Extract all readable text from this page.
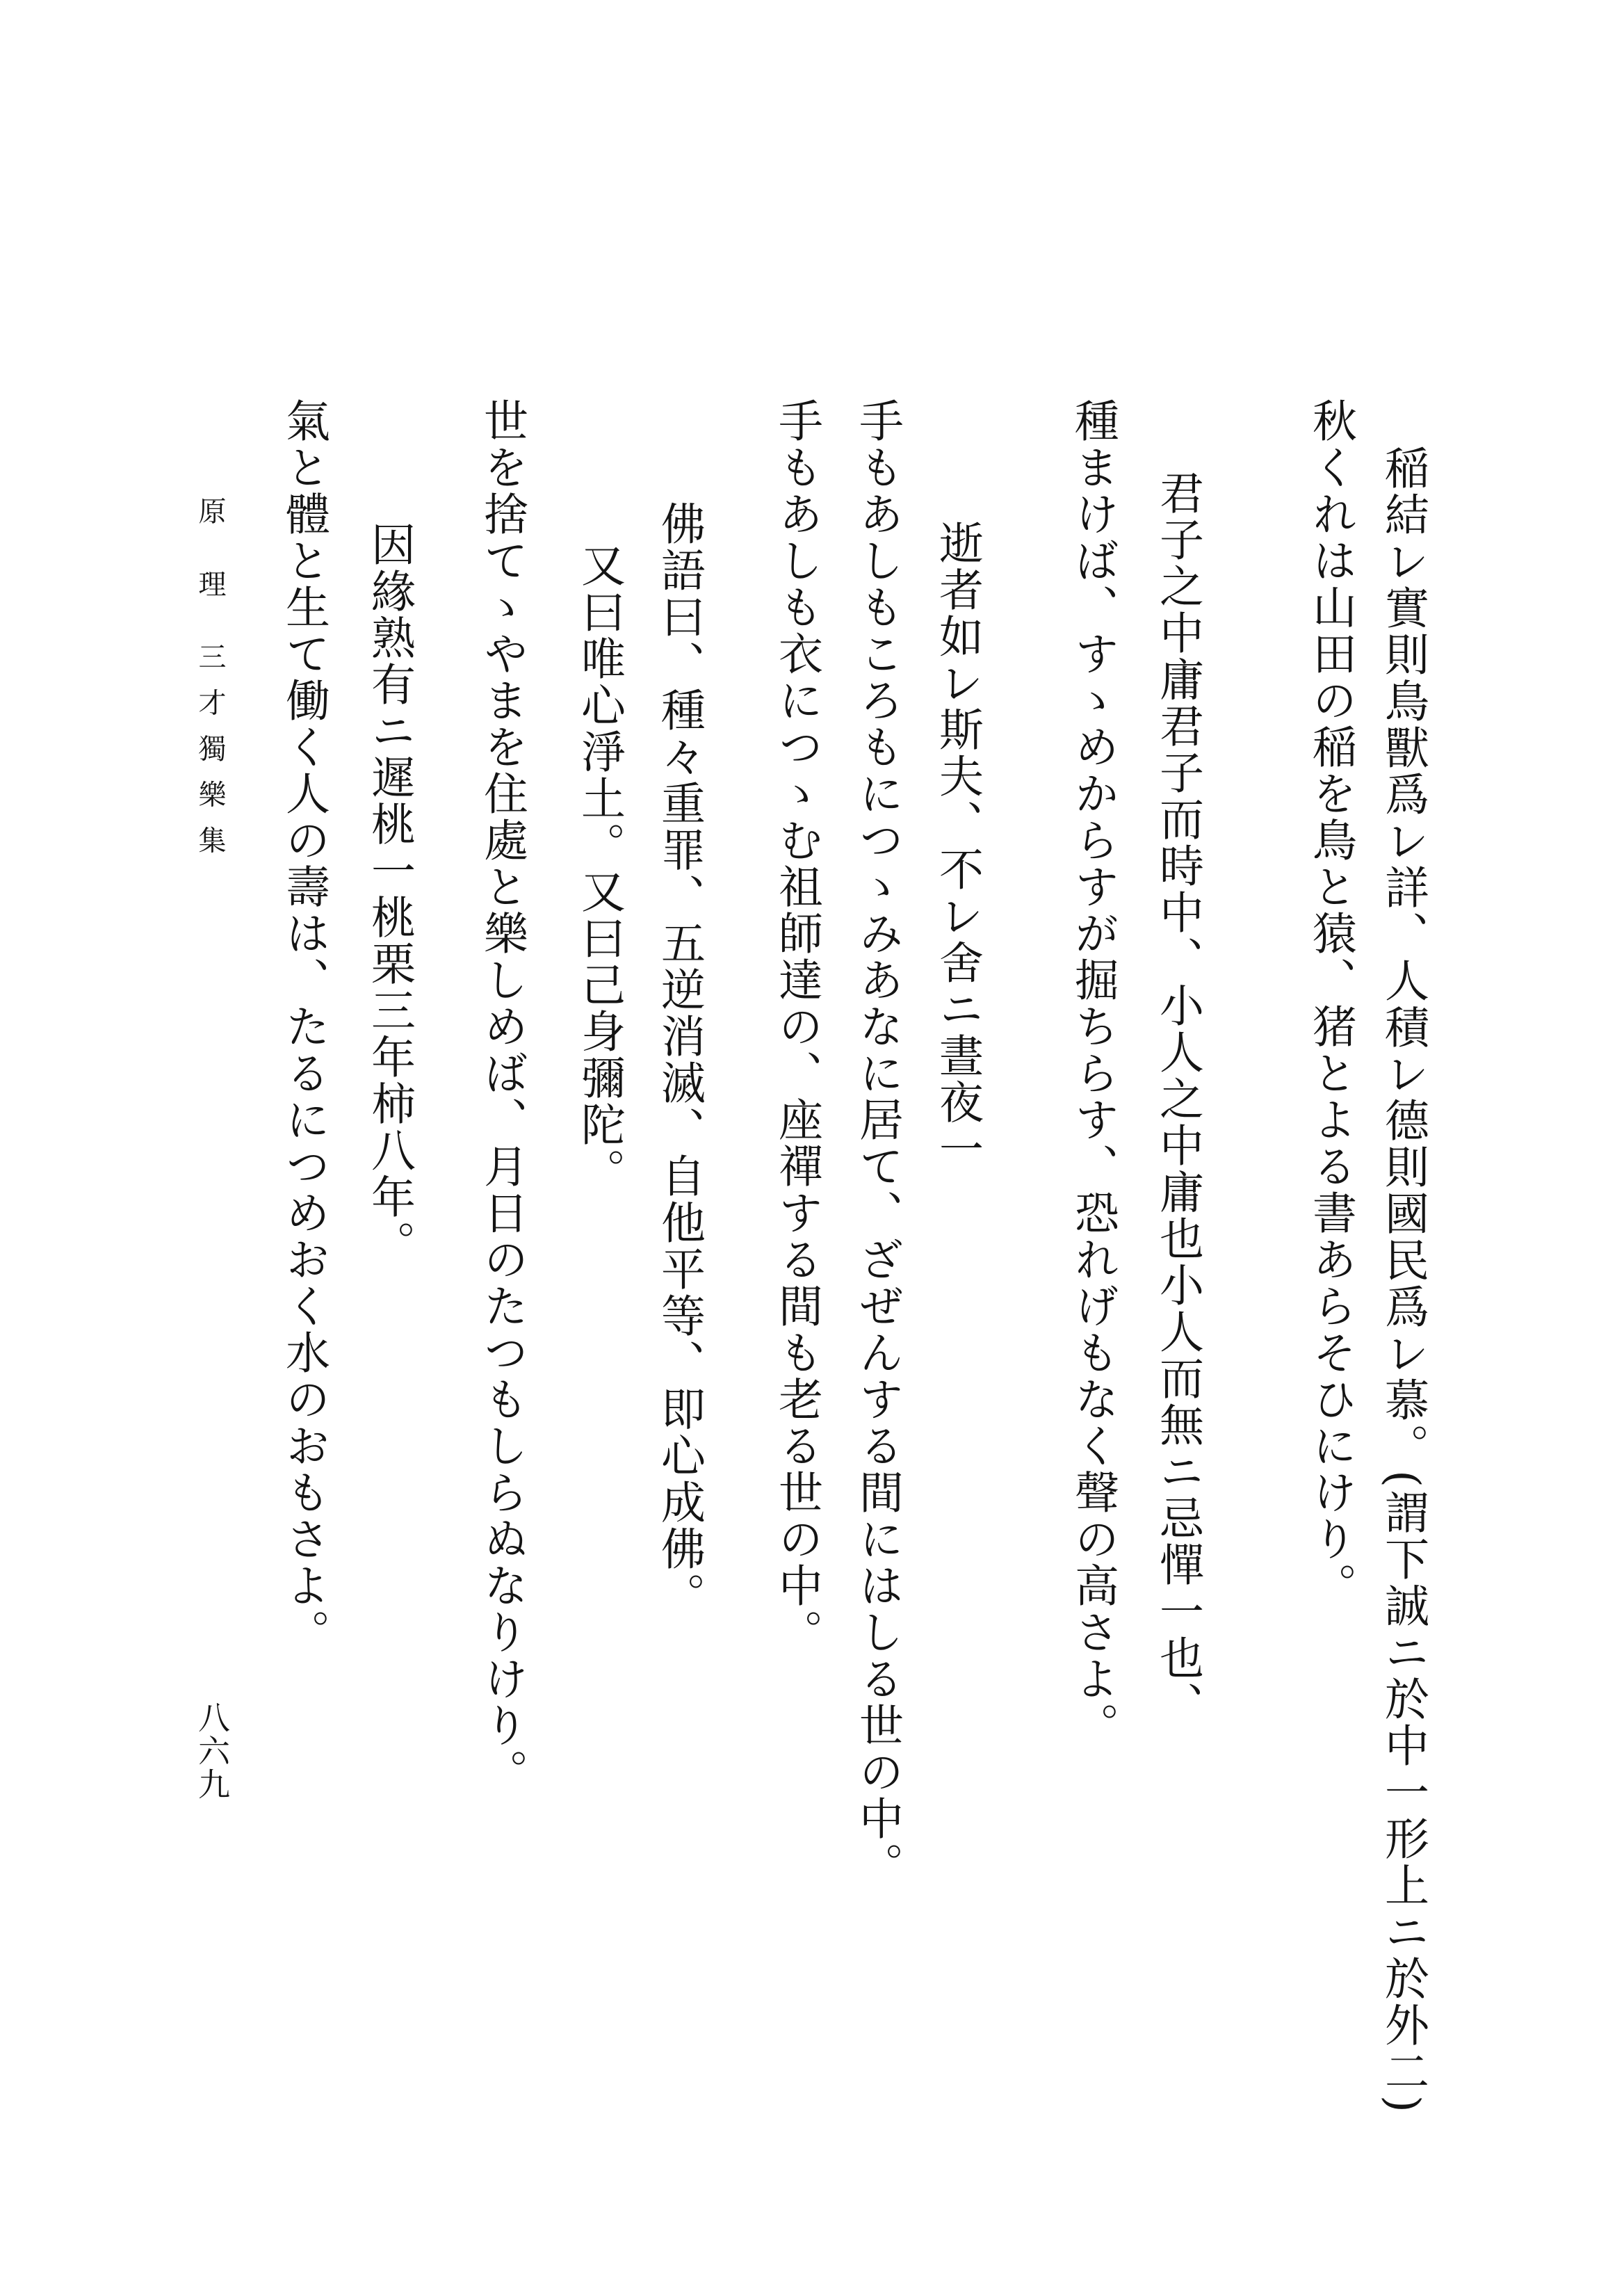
秋くれは山田の稲を鳥と猿、猪とよる書あらそひにけり。 稲結レ實則鳥獸爲レ詳、人積レ德則國民爲レ慕。(謂下誠ニ於中一形上ニ於外二)
種まけば、すゝめからすが掘ちらす、恐れげもなく聲の高さよ。 君子之中庸君子而時中、小人之中庸也小人而無ニ忌憚一也、
手もあしも衣につゝむ祖師達の、座禪する間も老る世の中。 手もあしもころもにつゝみあなに居て、ざぜんする間にはしる世の中。 逝者如レ斯夫、不レ舍ニ晝夜一
佛語曰、種々重罪、五逆消滅、自他平等、即心成佛。
又曰唯心淨土。又曰己身彌陀。
世を捨てゝやまを住處と樂しめば、月日のたつもしらぬなりけり。
因緣熟有ニ遲桃一桃栗三年柿八年。
氣と體と生て働く人の壽は、たるにつめおく水のおもさよ。
原 理 三才獨樂集
八六九
